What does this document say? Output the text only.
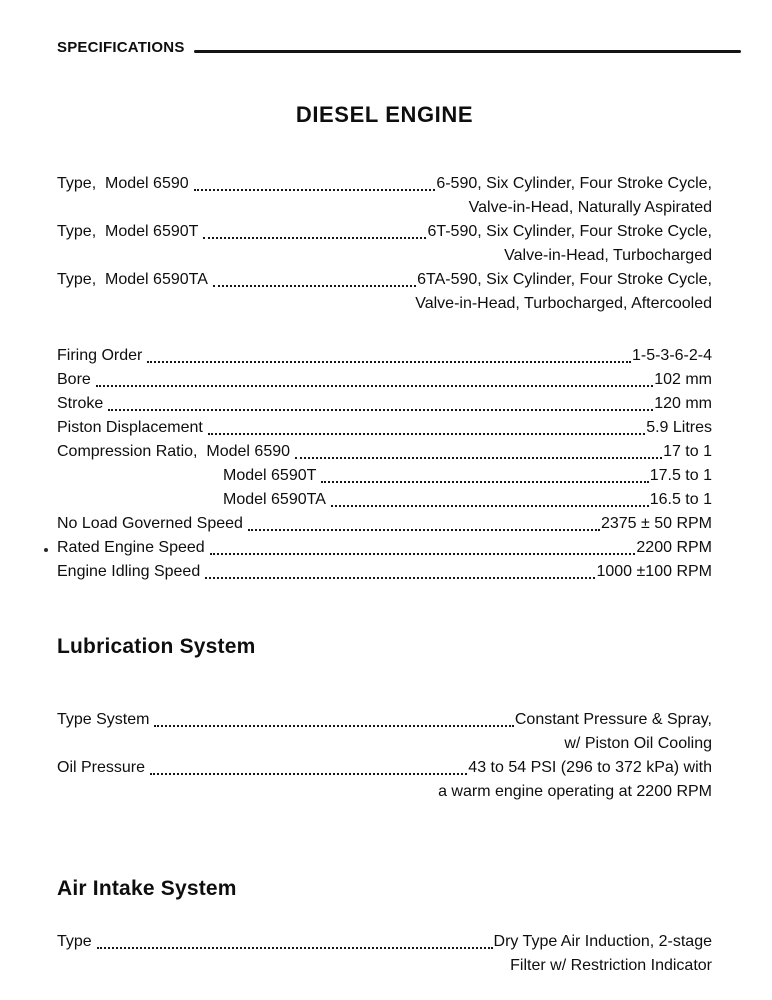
SPECIFICATIONS
DIESEL ENGINE
Type,  Model 6590	6-590, Six Cylinder, Four Stroke Cycle,
Valve-in-Head, Naturally Aspirated
Type,  Model 6590T	6T-590, Six Cylinder, Four Stroke Cycle,
Valve-in-Head, Turbocharged
Type,  Model 6590TA	6TA-590, Six Cylinder, Four Stroke Cycle,
Valve-in-Head, Turbocharged, Aftercooled
Firing Order	1-5-3-6-2-4
Bore	102 mm
Stroke	120 mm
Piston Displacement	5.9 Litres
Compression Ratio,  Model 6590	17 to 1
Model 6590T	17.5 to 1
Model 6590TA	16.5 to 1
No Load Governed Speed	2375 ± 50 RPM
Rated Engine Speed	2200 RPM
Engine Idling Speed	1000 ±100 RPM
Lubrication System
Type System	Constant Pressure & Spray,
w/ Piston Oil Cooling
Oil Pressure	43 to 54 PSI (296 to 372 kPa) with
a warm engine operating at 2200 RPM
Air Intake System
Type	Dry Type Air Induction, 2-stage
Filter w/ Restriction Indicator
